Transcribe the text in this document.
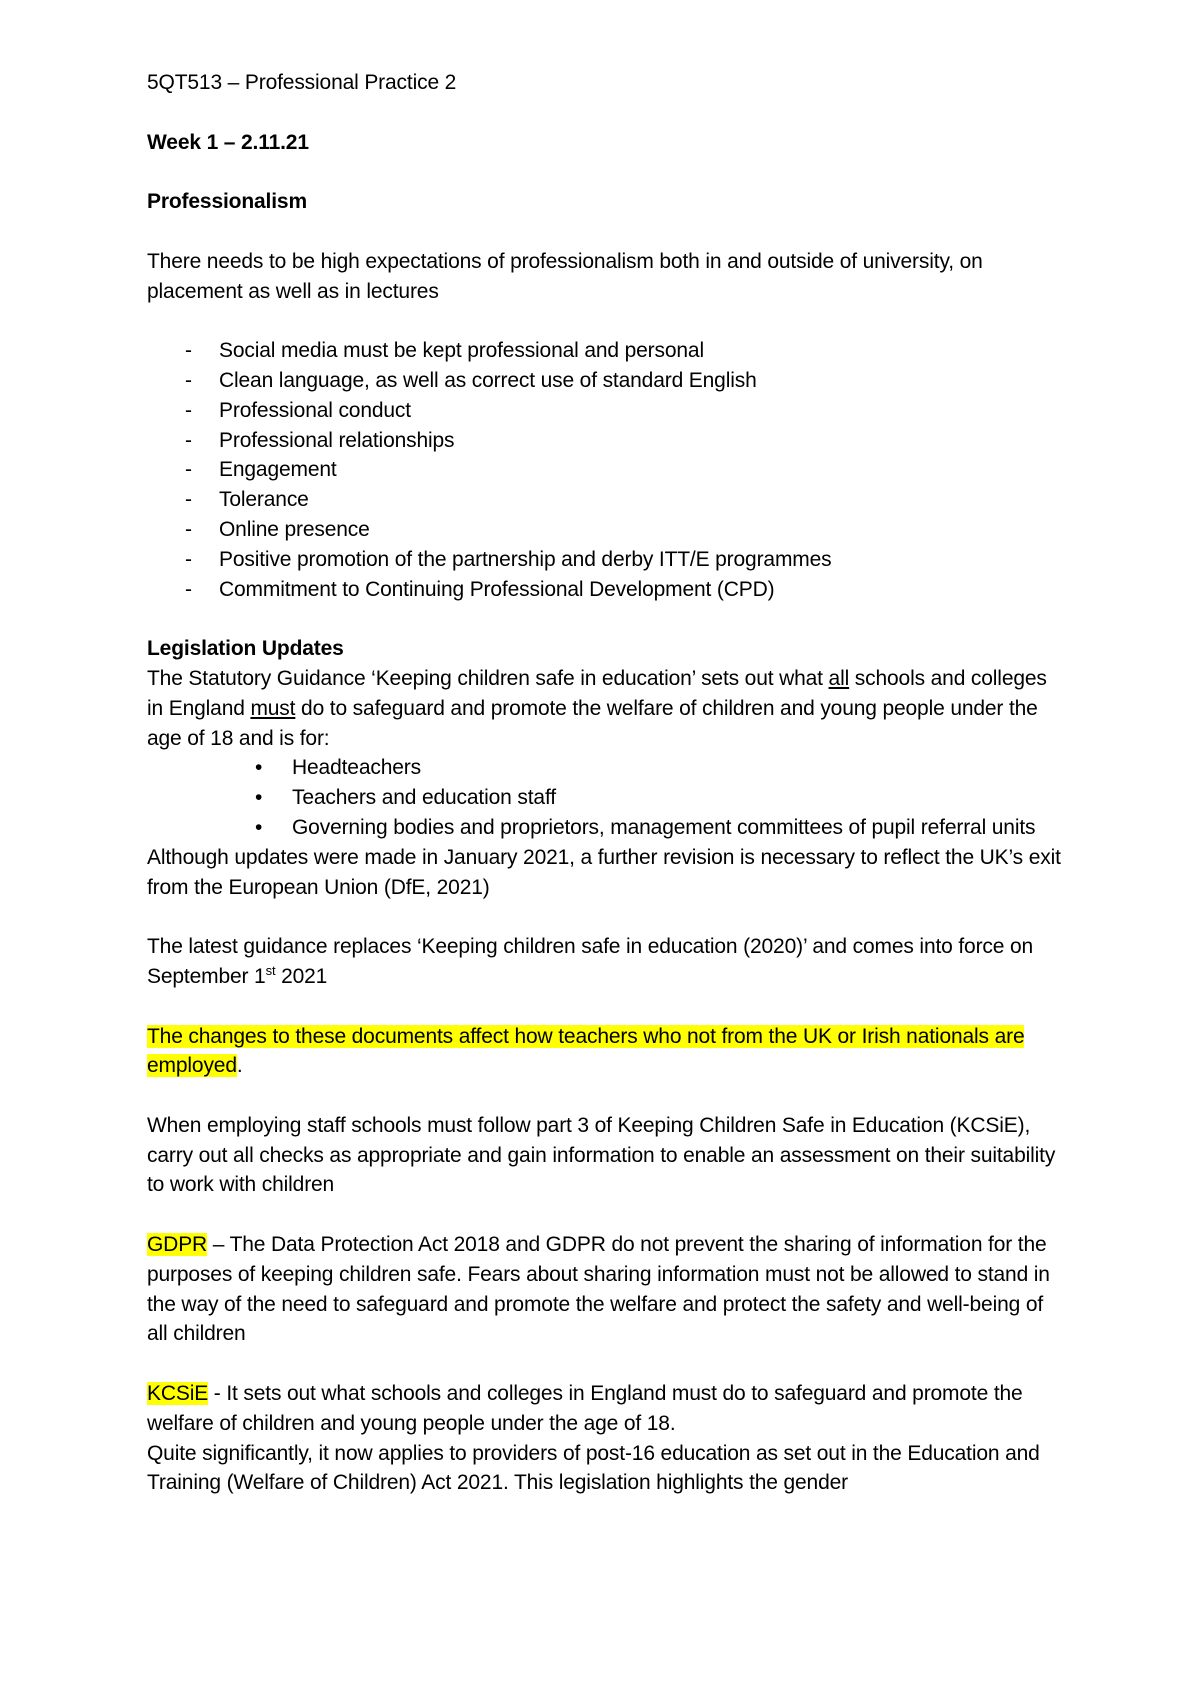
5QT513 – Professional Practice 2

Week 1 – 2.11.21

Professionalism

There needs to be high expectations of professionalism both in and outside of university, on placement as well as in lectures

- Social media must be kept professional and personal
- Clean language, as well as correct use of standard English
- Professional conduct
- Professional relationships
- Engagement
- Tolerance
- Online presence
- Positive promotion of the partnership and derby ITT/E programmes
- Commitment to Continuing Professional Development (CPD)

Legislation Updates

The Statutory Guidance ‘Keeping children safe in education’ sets out what all schools and colleges in England must do to safeguard and promote the welfare of children and young people under the age of 18 and is for:

• Headteachers
• Teachers and education staff
• Governing bodies and proprietors, management committees of pupil referral units

Although updates were made in January 2021, a further revision is necessary to reflect the UK’s exit from the European Union (DfE, 2021)

The latest guidance replaces ‘Keeping children safe in education (2020)’ and comes into force on September 1st 2021

The changes to these documents affect how teachers who not from the UK or Irish nationals are employed.

When employing staff schools must follow part 3 of Keeping Children Safe in Education (KCSiE), carry out all checks as appropriate and gain information to enable an assessment on their suitability to work with children

GDPR – The Data Protection Act 2018 and GDPR do not prevent the sharing of information for the purposes of keeping children safe. Fears about sharing information must not be allowed to stand in the way of the need to safeguard and promote the welfare and protect the safety and well-being of all children

KCSiE - It sets out what schools and colleges in England must do to safeguard and promote the welfare of children and young people under the age of 18.

Quite significantly, it now applies to providers of post-16 education as set out in the Education and Training (Welfare of Children) Act 2021. This legislation highlights the gender
